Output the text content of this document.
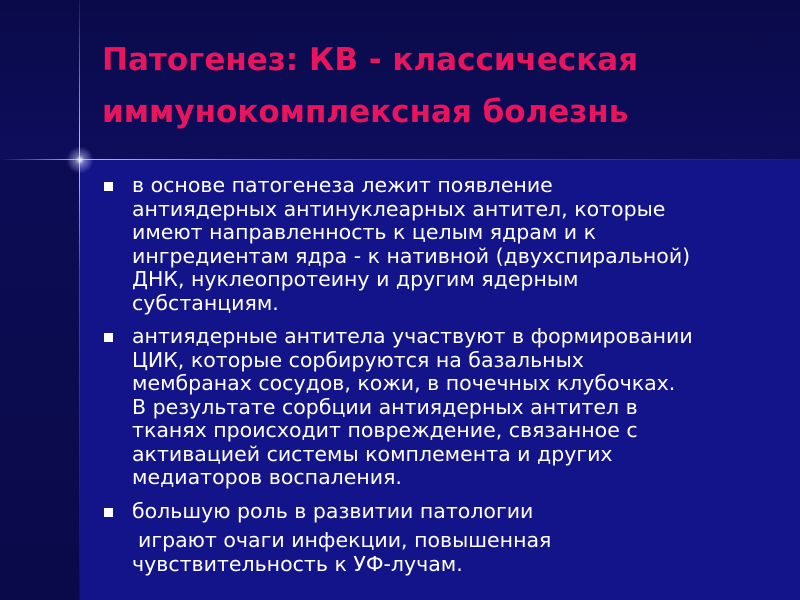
Патогенез: КВ - классическая
иммунокомплексная болезнь
в основе патогенеза лежит появление
антиядерных антинуклеарных антител, которые
имеют направленность к целым ядрам и к
ингредиентам ядра - к нативной (двухспиральной)
ДНК, нуклеопротеину и другим ядерным
субстанциям.
антиядерные антитела участвуют в формировании
ЦИК, которые сорбируются на базальных
мембранах сосудов, кожи, в почечных клубочках.
В результате сорбции антиядерных антител в
тканях происходит повреждение, связанное с
активацией системы комплемента и других
медиаторов воспаления.
большую роль в развитии патологии
играют очаги инфекции, повышенная
чувствительность к УФ-лучам.
